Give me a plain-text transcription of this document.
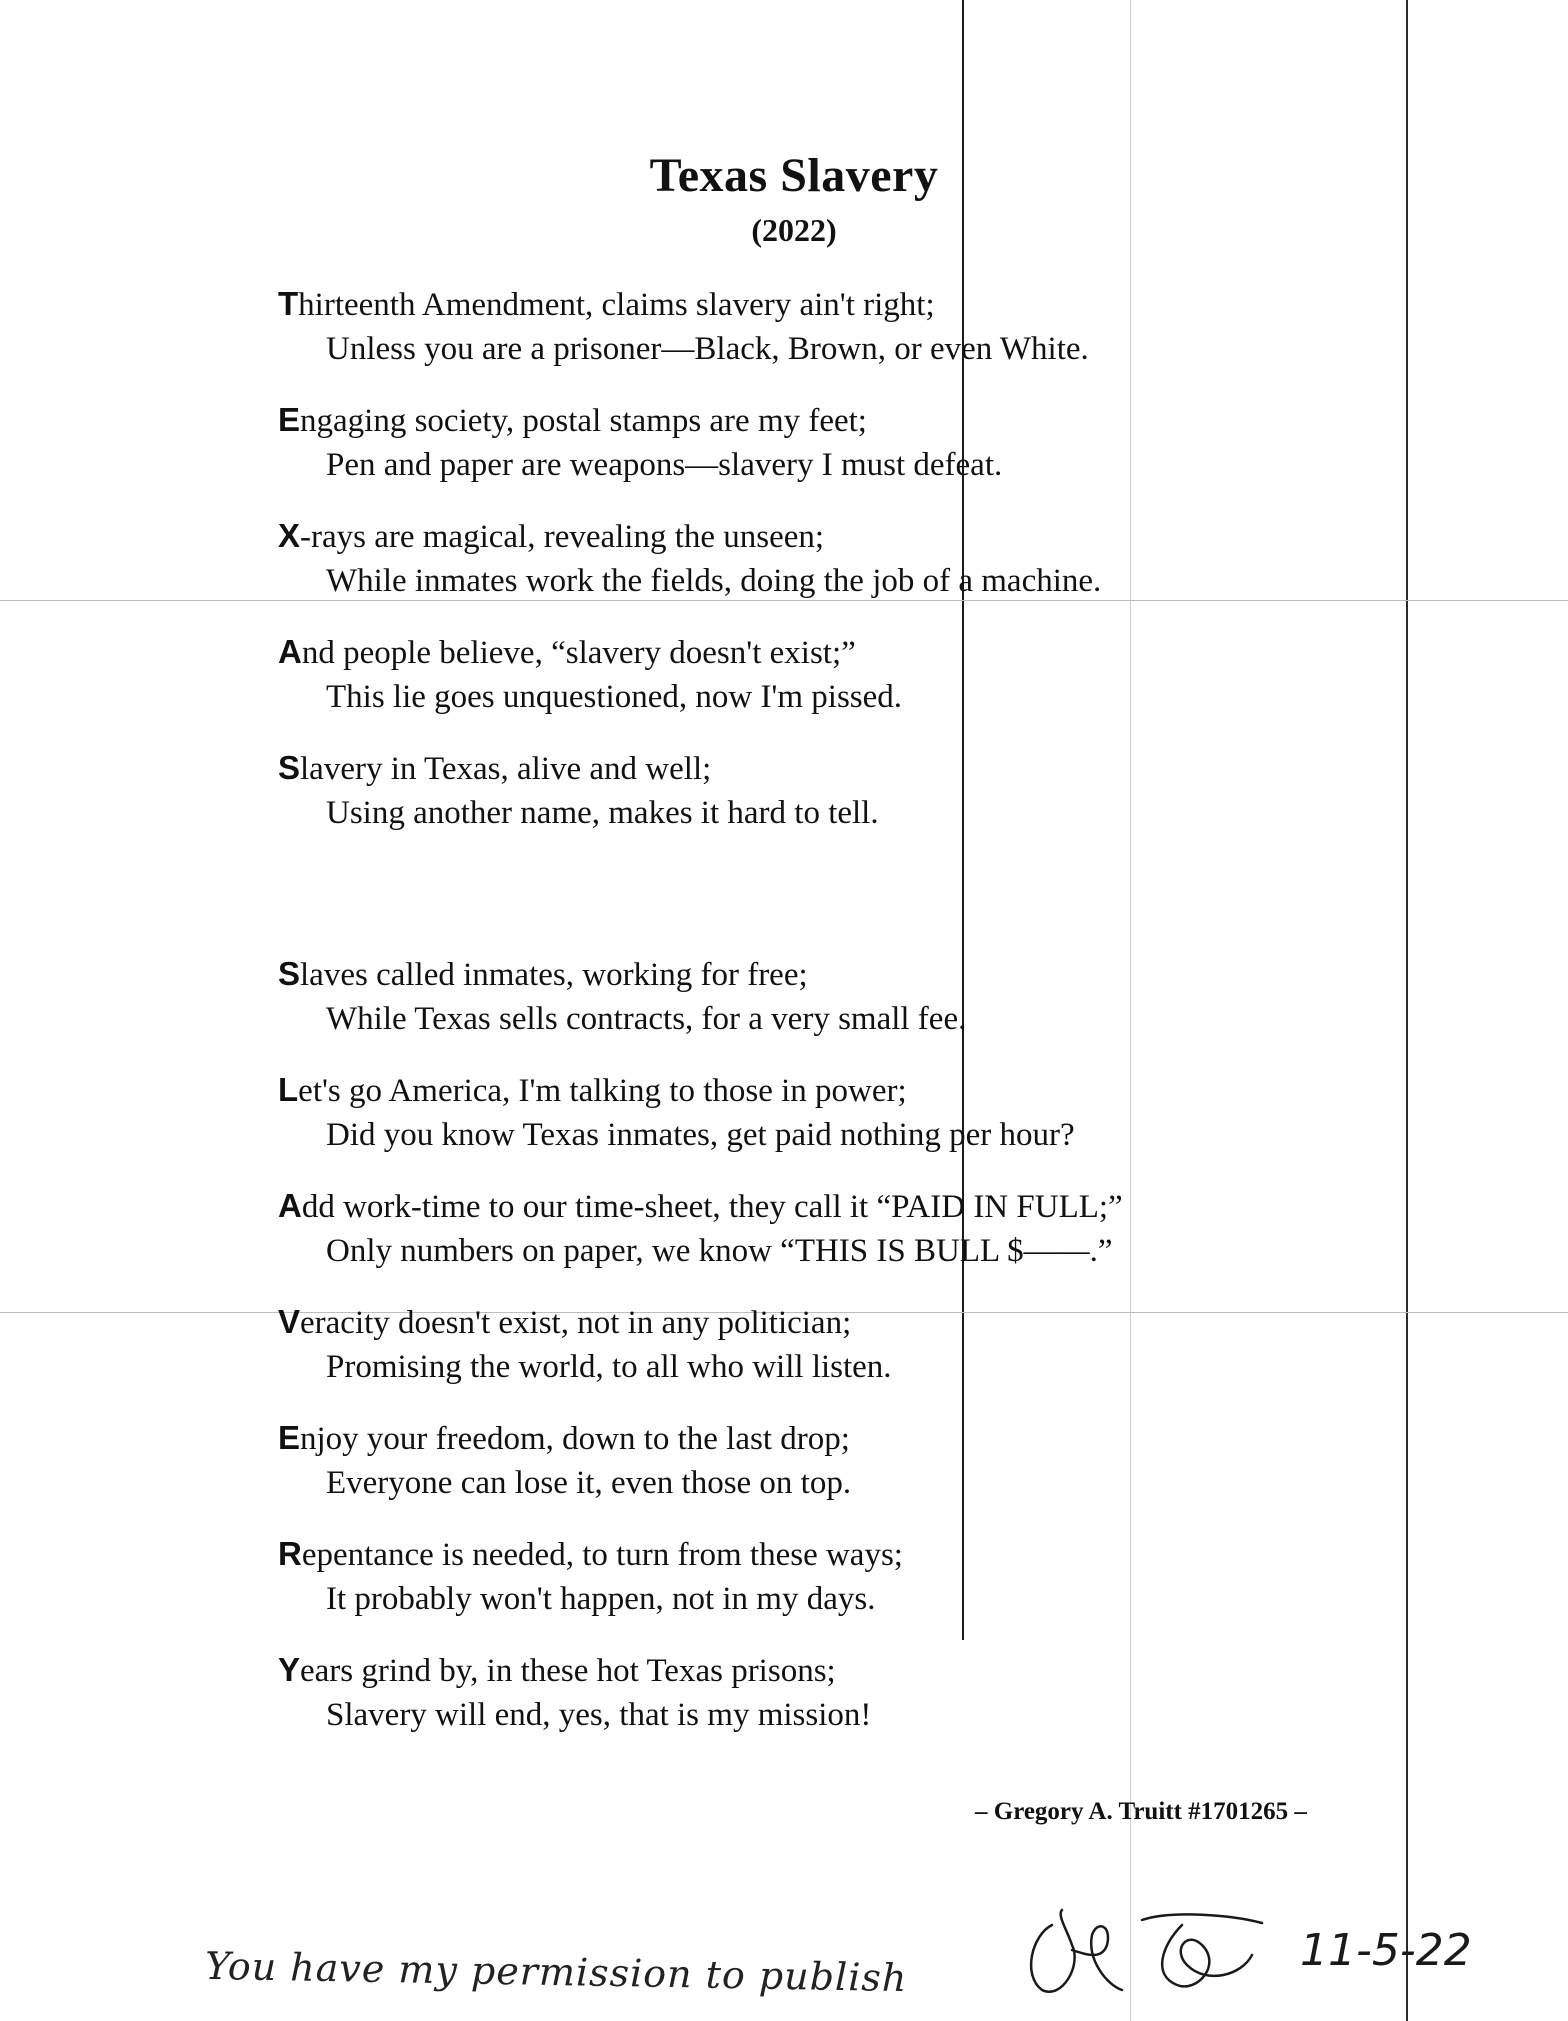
Texas Slavery
(2022)
Thirteenth Amendment, claims slavery ain't right;
Unless you are a prisoner—Black, Brown, or even White.
Engaging society, postal stamps are my feet;
Pen and paper are weapons—slavery I must defeat.
X-rays are magical, revealing the unseen;
While inmates work the fields, doing the job of a machine.
And people believe, “slavery doesn't exist;”
This lie goes unquestioned, now I'm pissed.
Slavery in Texas, alive and well;
Using another name, makes it hard to tell.
Slaves called inmates, working for free;
While Texas sells contracts, for a very small fee.
Let's go America, I'm talking to those in power;
Did you know Texas inmates, get paid nothing per hour?
Add work-time to our time-sheet, they call it “PAID IN FULL;”
Only numbers on paper, we know “THIS IS BULL $——.”
Veracity doesn't exist, not in any politician;
Promising the world, to all who will listen.
Enjoy your freedom, down to the last drop;
Everyone can lose it, even those on top.
Repentance is needed, to turn from these ways;
It probably won't happen, not in my days.
Years grind by, in these hot Texas prisons;
Slavery will end, yes, that is my mission!
– Gregory A. Truitt #1701265 –
You have my permission to publish	11-5-22
